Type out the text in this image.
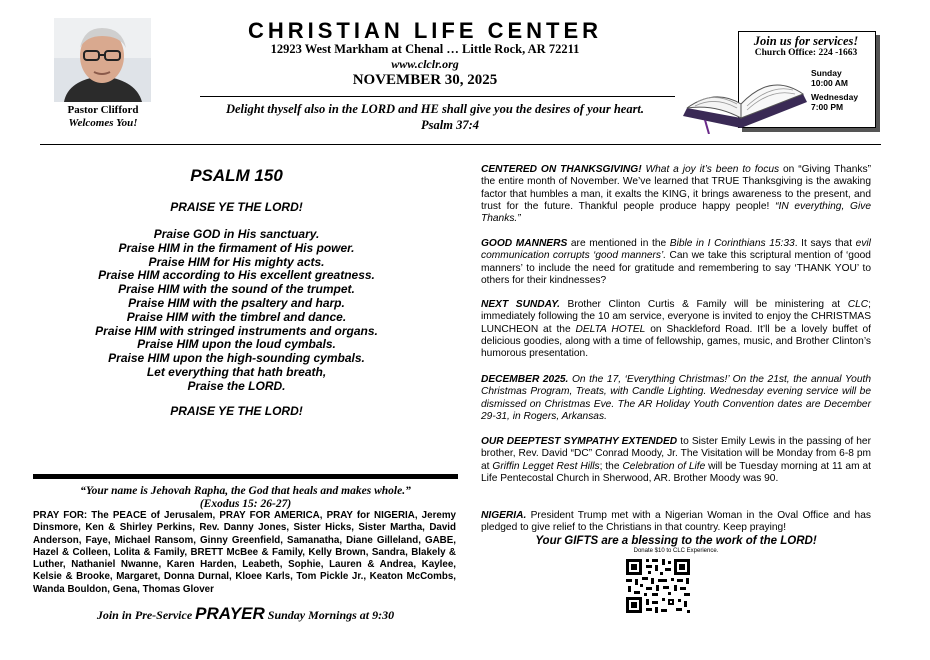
Pastor Clifford
Welcomes You!
CHRISTIAN LIFE CENTER
12923 West Markham at Chenal … Little Rock, AR 72211
www.clclr.org
NOVEMBER 30, 2025
Delight thyself also in the LORD and HE shall give you the desires of your heart.
Psalm 37:4
Join us for services!
Church Office: 224 -1663
Sunday
10:00 AM
Wednesday
7:00 PM
PSALM 150
PRAISE YE THE LORD!
Praise GOD in His sanctuary.
Praise HIM in the firmament of His power.
Praise HIM for His mighty acts.
Praise HIM according to His excellent greatness.
Praise HIM with the sound of the trumpet.
Praise HIM with the psaltery and harp.
Praise HIM with the timbrel and dance.
Praise HIM with stringed instruments and organs.
Praise HIM upon the loud cymbals.
Praise HIM upon the high-sounding cymbals.
Let everything that hath breath,
Praise the LORD.
PRAISE YE THE LORD!
“Your name is Jehovah Rapha, the God that heals and makes whole.”
(Exodus 15: 26-27)
PRAY FOR: The PEACE of Jerusalem, PRAY FOR AMERICA, PRAY for NIGERIA, Jeremy Dinsmore, Ken & Shirley Perkins, Rev. Danny Jones, Sister Hicks, Sister Martha, David Anderson, Faye, Michael Ransom, Ginny Greenfield, Samanatha, Diane Gilleland, GABE, Hazel & Colleen, Lolita & Family, BRETT McBee & Family, Kelly Brown, Sandra, Blakely & Luther, Nathaniel Nwanne, Karen Harden, Leabeth, Sophie, Lauren & Andrea, Kaylee, Kelsie & Brooke, Margaret, Donna Durnal, Kloee Karls, Tom Pickle Jr., Keaton McCombs, Wanda Bouldon, Gena, Thomas Glover
Join in Pre-Service PRAYER Sunday Mornings at 9:30
CENTERED ON THANKSGIVING! What a joy it’s been to focus on “Giving Thanks” the entire month of November. We’ve learned that TRUE Thanksgiving is the awaking factor that humbles a man, it exalts the KING, it brings awareness to the present, and trust for the future. Thankful people produce happy people! “IN everything, Give Thanks.”
GOOD MANNERS are mentioned in the Bible in I Corinthians 15:33. It says that evil communication corrupts ‘good manners’. Can we take this scriptural mention of ‘good manners’ to include the need for gratitude and remembering to say ‘THANK YOU’ to others for their kindnesses?
NEXT SUNDAY. Brother Clinton Curtis & Family will be ministering at CLC; immediately following the 10 am service, everyone is invited to enjoy the CHRISTMAS LUNCHEON at the DELTA HOTEL on Shackleford Road. It’ll be a lovely buffet of delicious goodies, along with a time of fellowship, games, music, and Brother Clinton’s humorous presentation.
DECEMBER 2025. On the 17, ‘Everything Christmas!’ On the 21st, the annual Youth Christmas Program, Treats, with Candle Lighting. Wednesday evening service will be dismissed on Christmas Eve. The AR Holiday Youth Convention dates are December 29-31, in Rogers, Arkansas.
OUR DEEPTEST SYMPATHY EXTENDED to Sister Emily Lewis in the passing of her brother, Rev. David “DC” Conrad Moody, Jr. The Visitation will be Monday from 6-8 pm at Griffin Legget Rest Hills; the Celebration of Life will be Tuesday morning at 11 am at Life Pentecostal Church in Sherwood, AR. Brother Moody was 90.
NIGERIA. President Trump met with a Nigerian Woman in the Oval Office and has pledged to give relief to the Christians in that country. Keep praying!
Your GIFTS are a blessing to the work of the LORD!
Donate $10 to CLC Experience.
